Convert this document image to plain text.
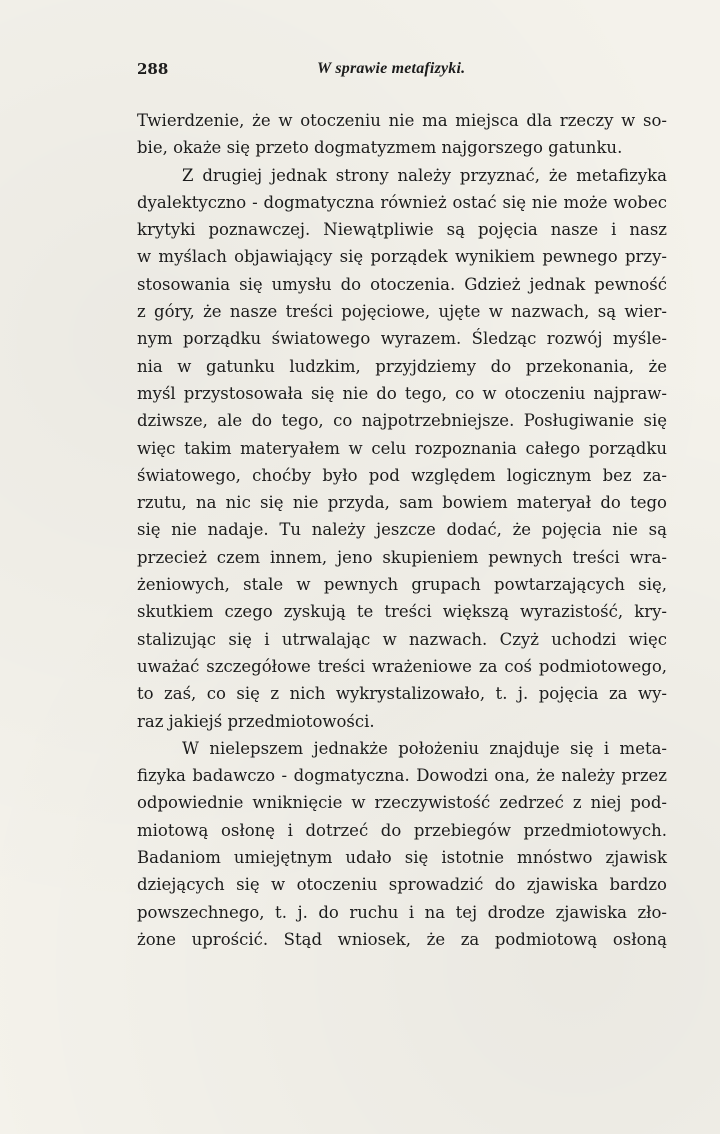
288	W sprawie metafizyki.
Twierdzenie, że w otoczeniu nie ma miejsca dla rzeczy w so-
bie, okaże się przeto dogmatyzmem najgorszego gatunku.
Z drugiej jednak strony należy przyznać, że metafizyka
dyalektyczno - dogmatyczna również ostać się nie może wobec
krytyki poznawczej. Niewątpliwie są pojęcia nasze i nasz
w myślach objawiający się porządek wynikiem pewnego przy-
stosowania się umysłu do otoczenia. Gdzież jednak pewność
z góry, że nasze treści pojęciowe, ujęte w nazwach, są wier-
nym porządku światowego wyrazem. Śledząc rozwój myśle-
nia w gatunku ludzkim, przyjdziemy do przekonania, że
myśl przystosowała się nie do tego, co w otoczeniu najpraw-
dziwsze, ale do tego, co najpotrzebniejsze. Posługiwanie się
więc takim materyałem w celu rozpoznania całego porządku
światowego, choćby było pod względem logicznym bez za-
rzutu, na nic się nie przyda, sam bowiem materyał do tego
się nie nadaje. Tu należy jeszcze dodać, że pojęcia nie są
przecież czem innem, jeno skupieniem pewnych treści wra-
żeniowych, stale w pewnych grupach powtarzających się,
skutkiem czego zyskują te treści większą wyrazistość, kry-
stalizując się i utrwalając w nazwach. Czyż uchodzi więc
uważać szczegółowe treści wrażeniowe za coś podmiotowego,
to zaś, co się z nich wykrystalizowało, t. j. pojęcia za wy-
raz jakiejś przedmiotowości.
W nielepszem jednakże położeniu znajduje się i meta-
fizyka badawczo - dogmatyczna. Dowodzi ona, że należy przez
odpowiednie wniknięcie w rzeczywistość zedrzeć z niej pod-
miotową osłonę i dotrzeć do przebiegów przedmiotowych.
Badaniom umiejętnym udało się istotnie mnóstwo zjawisk
dziejących się w otoczeniu sprowadzić do zjawiska bardzo
powszechnego, t. j. do ruchu i na tej drodze zjawiska zło-
żone uprościć. Stąd wniosek, że za podmiotową osłoną
